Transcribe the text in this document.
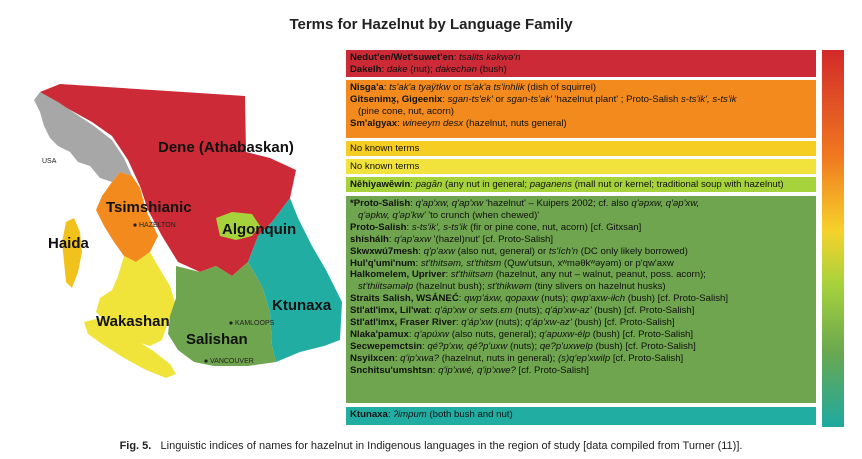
Terms for Hazelnut by Language Family
Dene (Athabaskan)
USA
Tsimshianic
HAZELTON	Algonquin
Haida
Ktunaxa
Wakashan	KAMLOOPS
Salishan
VANCOUVER
Nedut'en/Wet'suwet'en: tsalits kəkwə'n
Dakelh: dake (nut); dakechən (bush)
Nisga'a: ts'ak'a tyaÿtkw or ts'ak'a ts'inhlik (dish of squirrel)
Gitsenimx̱, Gigeenix: sgan-ts'ek' or sgan-ts'ak' 'hazelnut plant' ; Proto-Salish s-ts'ik', s-ts'ik
(pine cone, nut, acorn)
Sm'algyax: wineeym desx (hazelnut, nuts general)
No known terms
No known terms
Nēhiyawēwin: pagān (any nut in general; paganens (mall nut or kernel; traditional soup with hazelnut)
*Proto-Salish: q'ap'xw, q'ap'xw 'hazelnut' – Kuipers 2002; cf. also q'əpxw, q'əp'xw,
q'əpkw, q'əp'kw' 'to crunch (when chewed)'
Proto-Salish: s-ts'ik', s-ts'ik (fir or pine cone, nut, acorn) [cf. Gitxsan]
shíshálh: q'ap'axw '(hazel)nut' [cf. Proto-Salish]
Skwxwú7mesh: q'p'axw (also nut, general) or ts'ích'n (DC only likely borrowed)
Hul'q'umi'num: st'thitsəm, st'thitsm (Quw'utsun, xʷməθkʷəyəm) or p'qw'axw
Halkomelem, Upriver: st'thiitsəm (hazelnut, any nut – walnut, peanut, poss. acorn);
st'thiitsəməlp (hazelnut bush); st'thikwəm (tiny slivers on hazelnut husks)
Straits Salish, WSÁNEĆ: qwp'áxw, qopəxw (nuts); qwp'axw-iłch (bush) [cf. Proto-Salish]
Stl'atl'imx, Lil'wat: q'áp'xw or sets.ɛm (nuts); q'áp'xw-az' (bush) [cf. Proto-Salish]
Stl'atl'imx, Fraser River: q'áp'xw (nuts); q'áp'xw-az' (bush) [cf. Proto-Salish]
Nlaka'pamux: q'apúxw (also nuts, general); q'apuxw-élp (bush) [cf. Proto-Salish]
Secwepemctsin: qé?p'xw, qé?p'uxw (nuts); qe?p'uxwelp (bush) [cf. Proto-Salish]
Nsyilxcen: q'ip'xwa? (hazelnut, nuts in general); (s)q'ep'xwilp [cf. Proto-Salish]
Snchitsu'umshtsn: q'ip'xwé, q'ip'xwe? [cf. Proto-Salish]
Ktunaxa: ʔimpum (both bush and nut)
Fig. 5. Linguistic indices of names for hazelnut in Indigenous languages in the region of study [data compiled from Turner (11)].
